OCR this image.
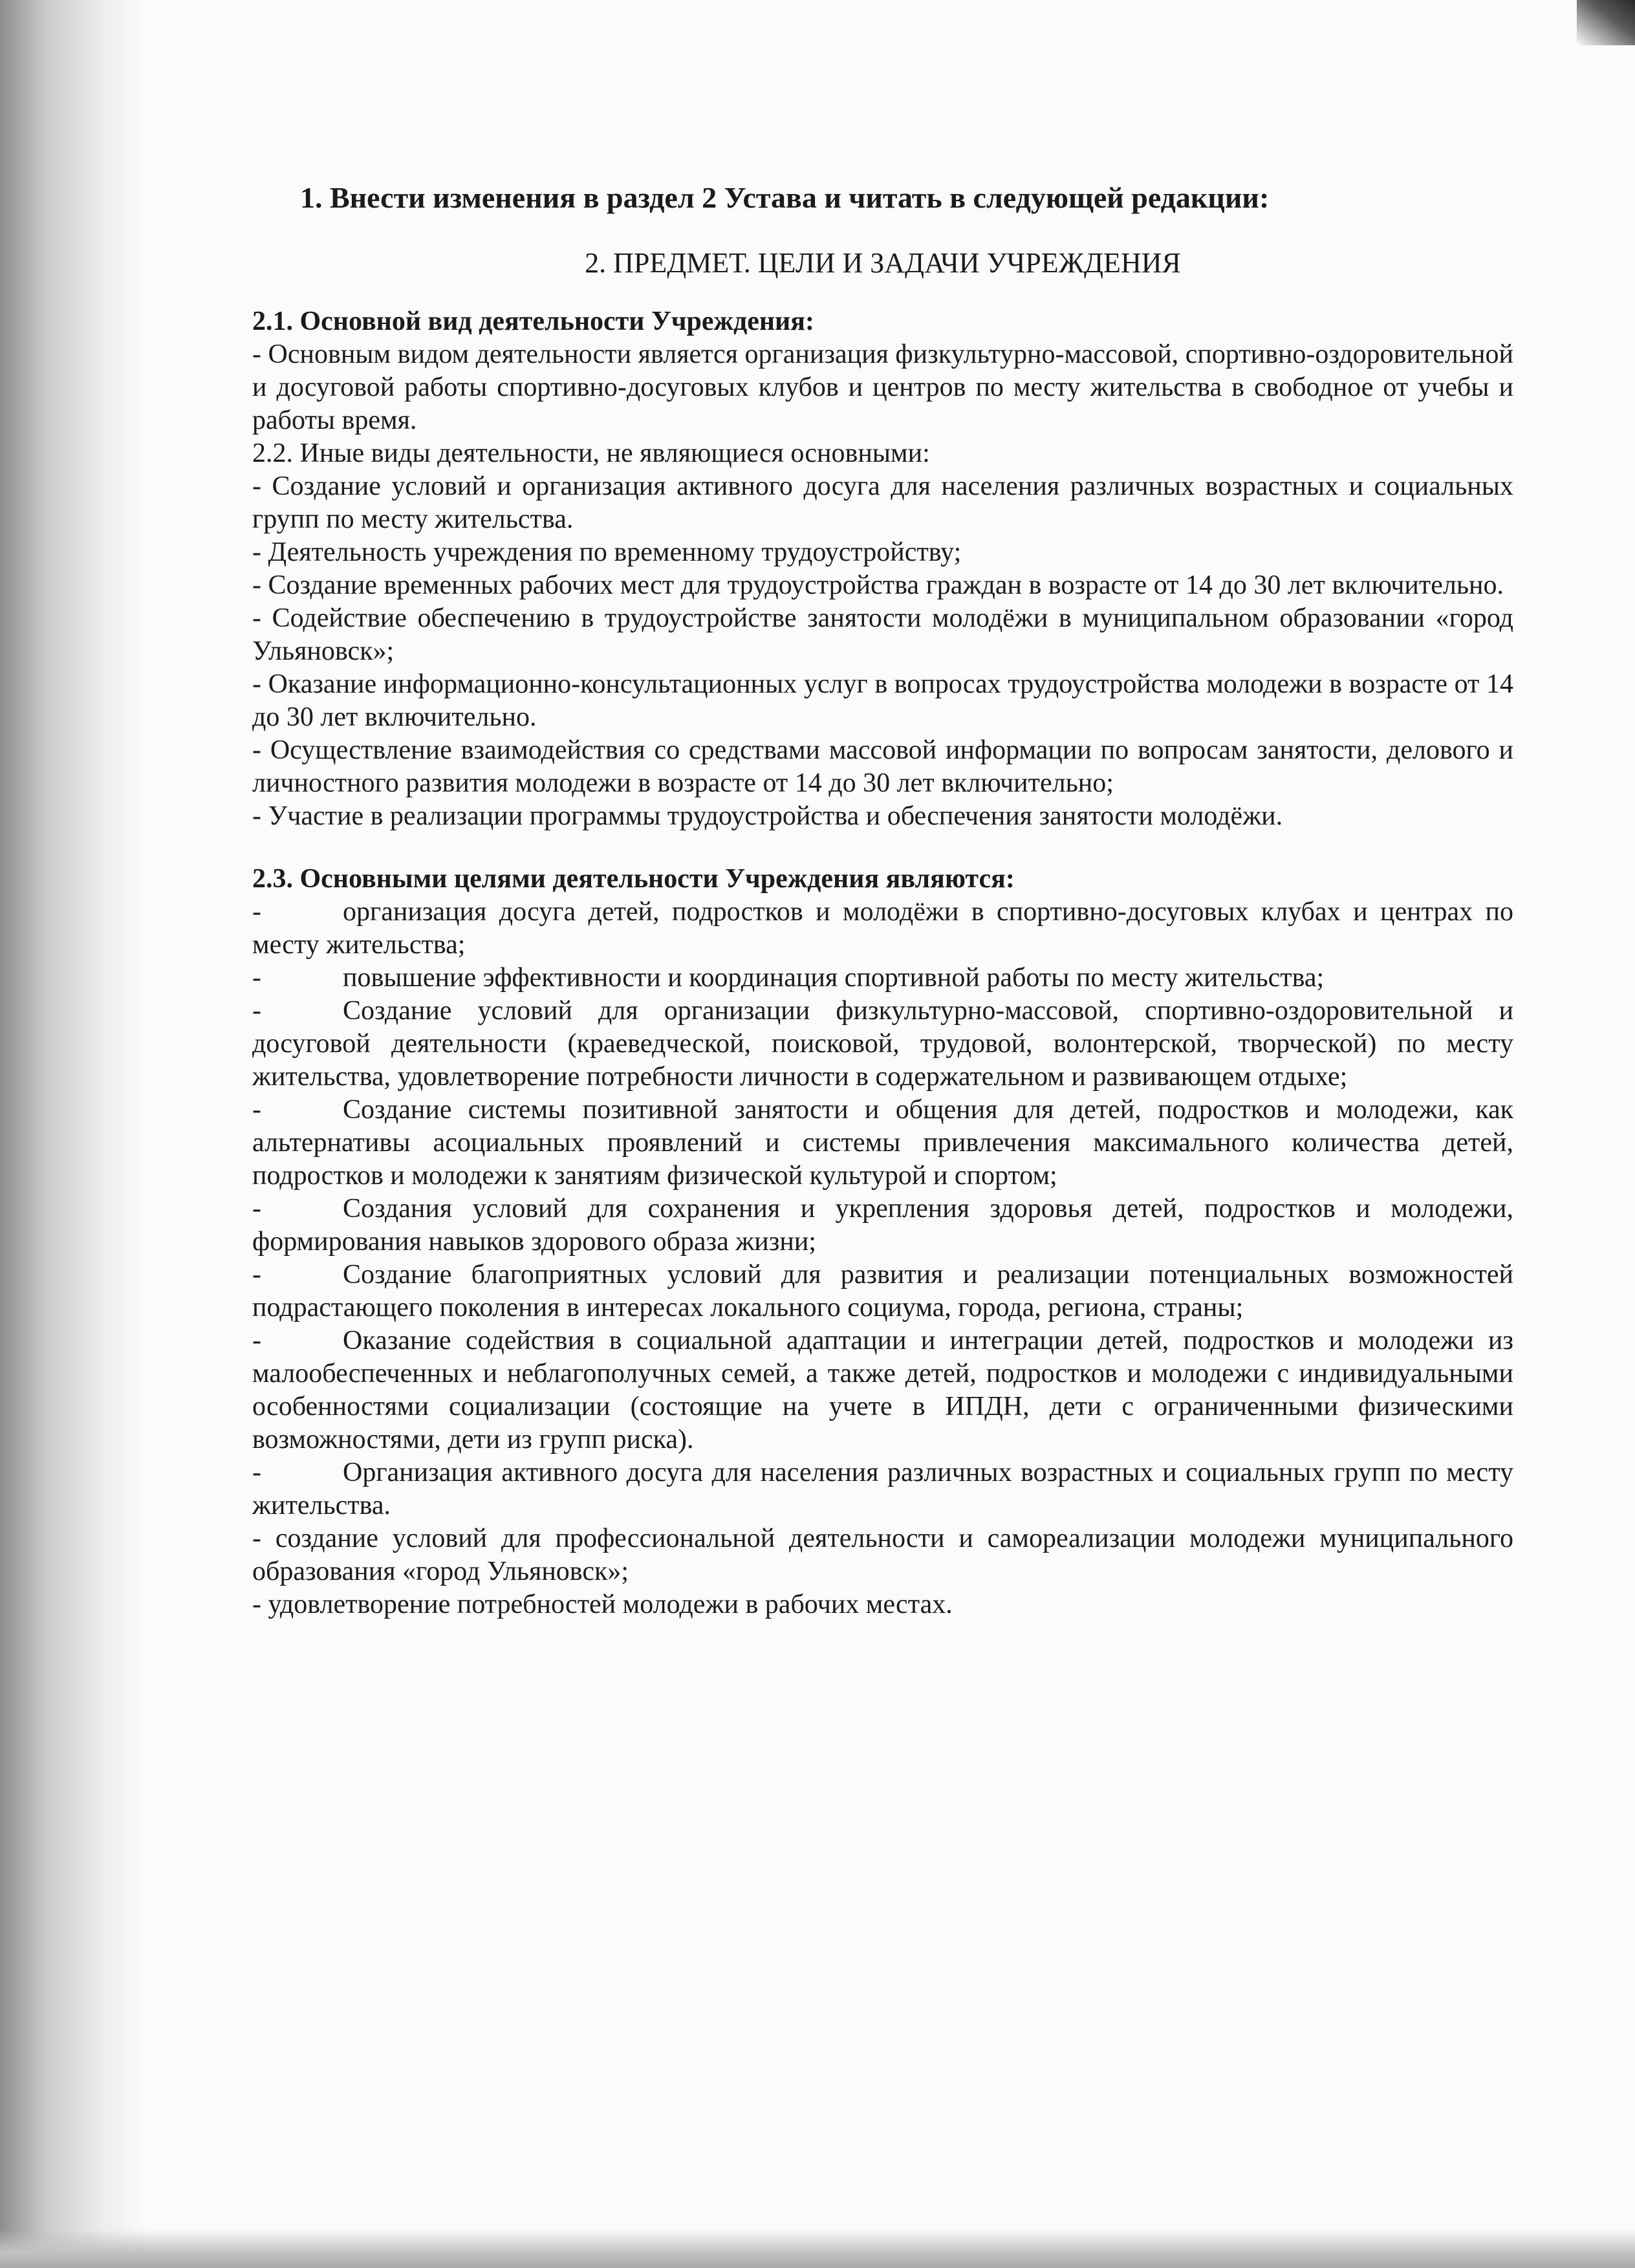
1. Внести изменения в раздел 2 Устава и читать в следующей редакции:
2. ПРЕДМЕТ. ЦЕЛИ И ЗАДАЧИ УЧРЕЖДЕНИЯ

2.1. Основной вид деятельности Учреждения:

- Основным видом деятельности является организация физкультурно-массовой, спортивно-оздоровительной и досуговой работы спортивно-досуговых клубов и центров по месту жительства в свободное от учебы и работы время.

2.2. Иные виды деятельности, не являющиеся основными:

- Создание условий и организация активного досуга для населения различных возрастных и социальных групп по месту жительства.

- Деятельность учреждения по временному трудоустройству;

- Создание временных рабочих мест для трудоустройства граждан в возрасте от 14 до 30 лет включительно.

- Содействие обеспечению в трудоустройстве занятости молодёжи в муниципальном образовании «город Ульяновск»;

- Оказание информационно-консультационных услуг в вопросах трудоустройства молодежи в возрасте от 14 до 30 лет включительно.

- Осуществление взаимодействия со средствами массовой информации по вопросам занятости, делового и личностного развития молодежи в возрасте от 14 до 30 лет включительно;

- Участие в реализации программы трудоустройства и обеспечения занятости молодёжи.

2.3. Основными целями деятельности Учреждения являются:

-	организация досуга детей, подростков и молодёжи в спортивно-досуговых клубах и центрах по месту жительства;

-	повышение эффективности и координация спортивной работы по месту жительства;

-	Создание условий для организации физкультурно-массовой, спортивно-оздоровительной и досуговой деятельности (краеведческой, поисковой, трудовой, волонтерской, творческой) по месту жительства, удовлетворение потребности личности в содержательном и развивающем отдыхе;

-	Создание системы позитивной занятости и общения для детей, подростков и молодежи, как альтернативы асоциальных проявлений и системы привлечения максимального количества детей, подростков и молодежи к занятиям физической культурой и спортом;

-	Создания условий для сохранения и укрепления здоровья детей, подростков и молодежи, формирования навыков здорового образа жизни;

-	Создание благоприятных условий для развития и реализации потенциальных возможностей подрастающего поколения в интересах локального социума, города, региона, страны;

-	Оказание содействия в социальной адаптации и интеграции детей, подростков и молодежи из малообеспеченных и неблагополучных семей, а также детей, подростков и молодежи с индивидуальными особенностями социализации (состоящие на учете в ИПДН, дети с ограниченными физическими возможностями, дети из групп риска).

-	Организация активного досуга для населения различных возрастных и социальных групп по месту жительства.

- создание условий для профессиональной деятельности и самореализации молодежи муниципального образования «город Ульяновск»;

- удовлетворение потребностей молодежи в рабочих местах.
